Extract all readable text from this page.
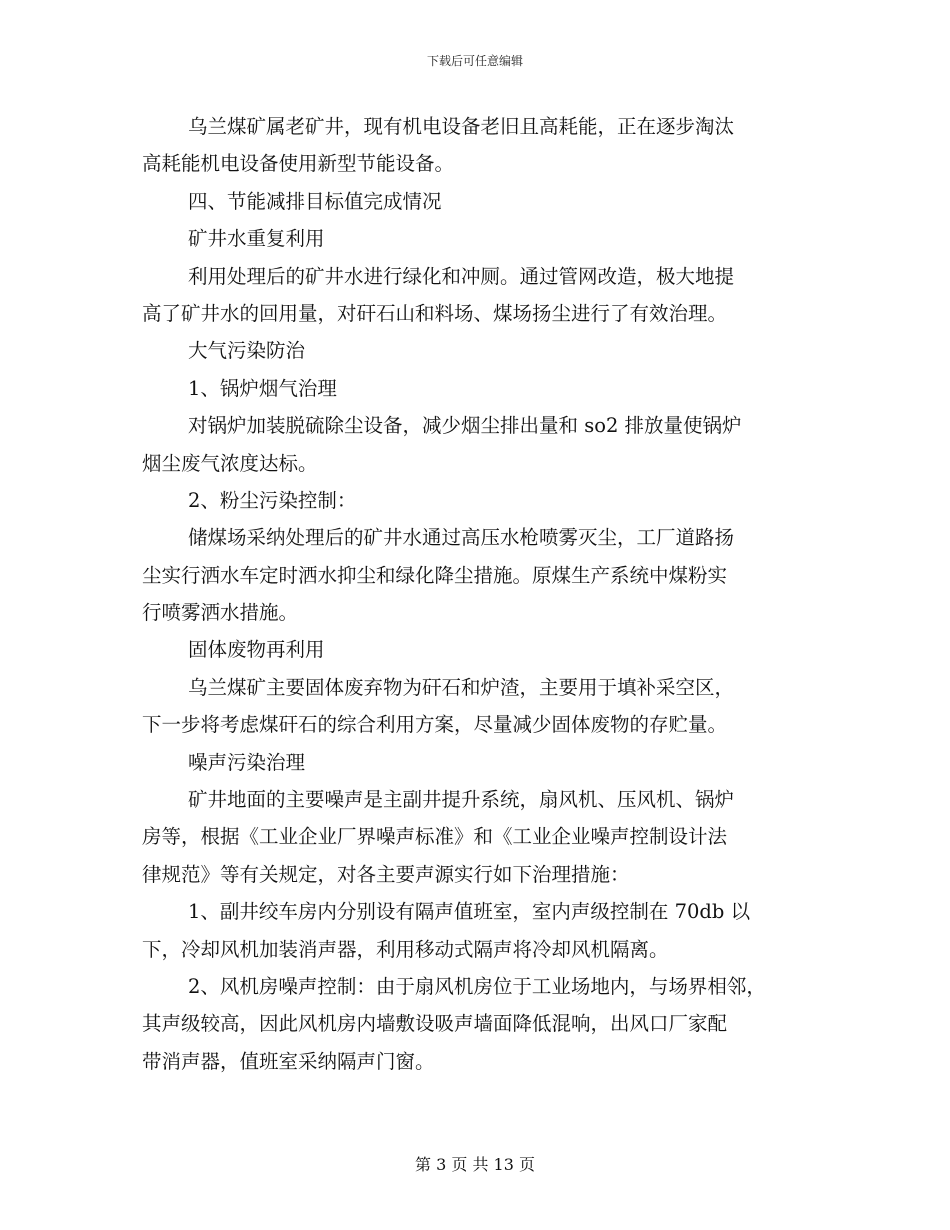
下载后可任意编辑
乌兰煤矿属老矿井，现有机电设备老旧且高耗能，正在逐步淘汰
高耗能机电设备使用新型节能设备。
四、节能减排目标值完成情况
矿井水重复利用
利用处理后的矿井水进行绿化和冲厕。通过管网改造，极大地提
高了矿井水的回用量，对矸石山和料场、煤场扬尘进行了有效治理。
大气污染防治
1、锅炉烟气治理
对锅炉加装脱硫除尘设备，减少烟尘排出量和 so2 排放量使锅炉
烟尘废气浓度达标。
2、粉尘污染控制：
储煤场采纳处理后的矿井水通过高压水枪喷雾灭尘，工厂道路扬
尘实行洒水车定时洒水抑尘和绿化降尘措施。原煤生产系统中煤粉实
行喷雾洒水措施。
固体废物再利用
乌兰煤矿主要固体废弃物为矸石和炉渣，主要用于填补采空区，
下一步将考虑煤矸石的综合利用方案，尽量减少固体废物的存贮量。
噪声污染治理
矿井地面的主要噪声是主副井提升系统，扇风机、压风机、锅炉
房等，根据《工业企业厂界噪声标准》和《工业企业噪声控制设计法
律规范》等有关规定，对各主要声源实行如下治理措施：
1、副井绞车房内分别设有隔声值班室，室内声级控制在 70db 以
下，冷却风机加装消声器，利用移动式隔声将冷却风机隔离。
2、风机房噪声控制：由于扇风机房位于工业场地内，与场界相邻，
其声级较高，因此风机房内墙敷设吸声墙面降低混响，出风口厂家配
带消声器，值班室采纳隔声门窗。
第 3 页 共 13 页
